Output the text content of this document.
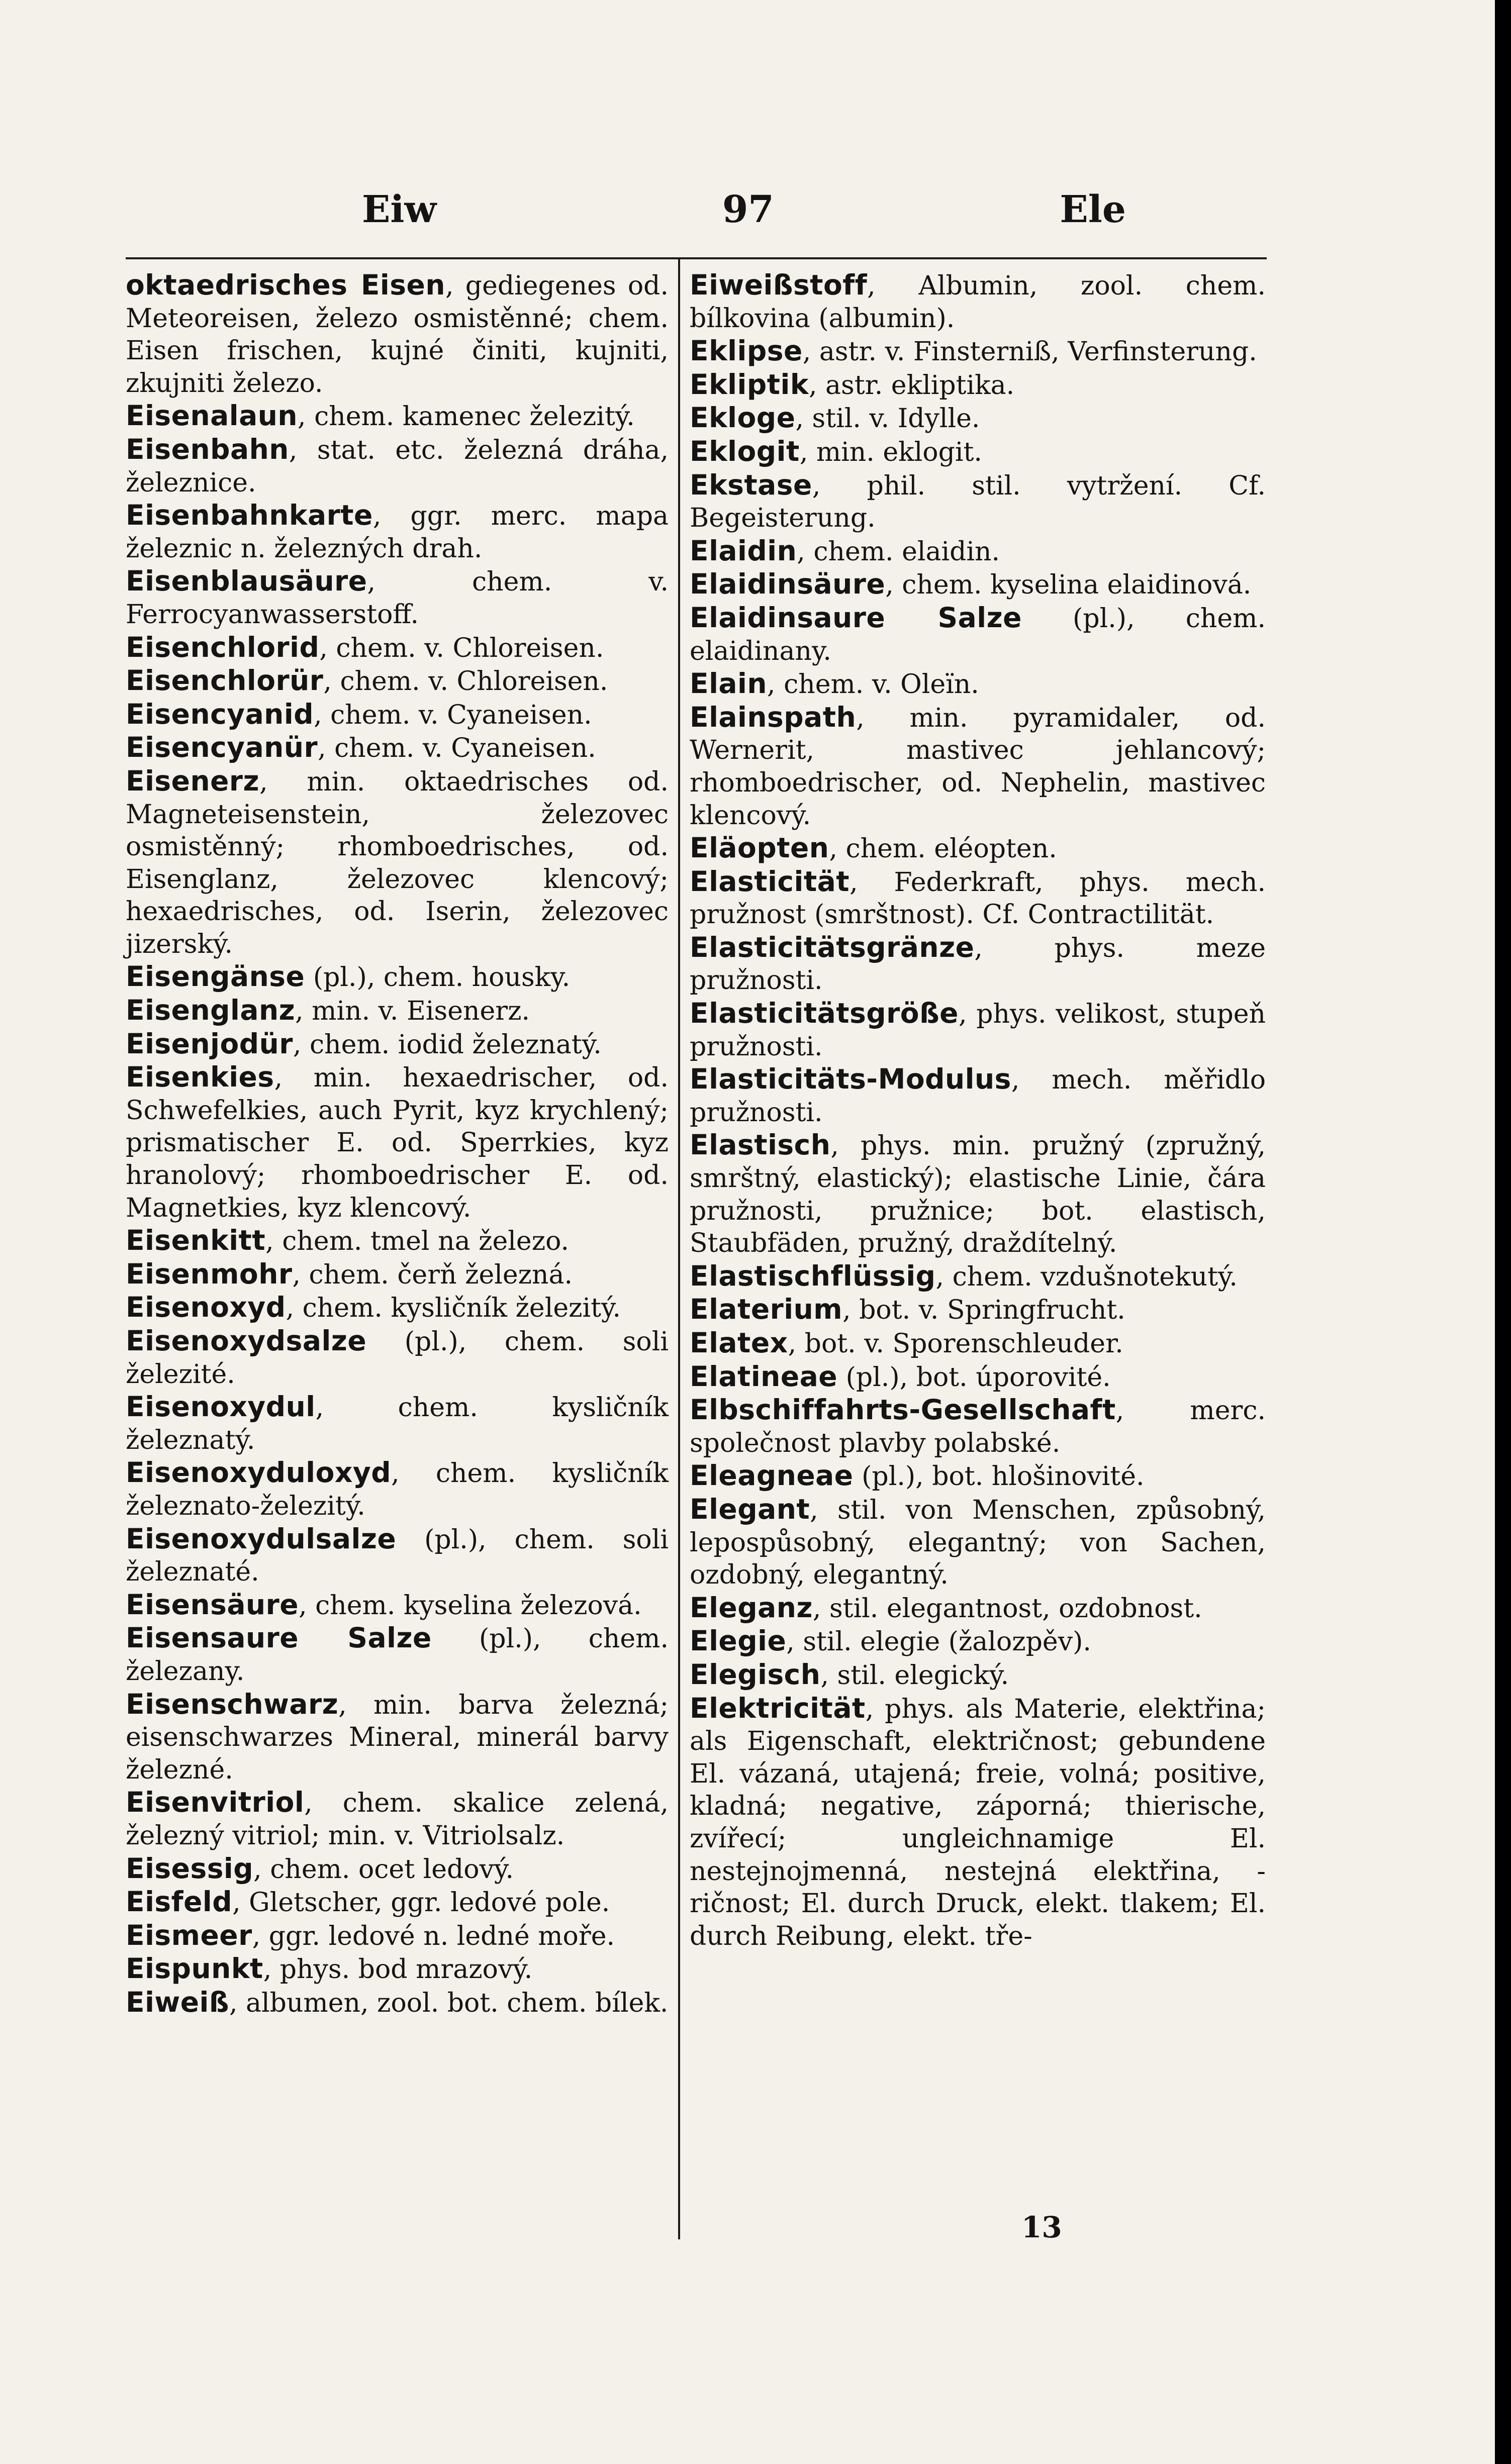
Eiw	97	Ele

oktaedrisches Eisen, gediegenes od. Meteoreisen, železo osmistěnné; chem. Eisen frischen, kujné činiti, kujniti, zkujniti železo.

Eisenalaun, chem. kamenec železitý.

Eisenbahn, stat. etc. železná dráha, železnice.

Eisenbahnkarte, ggr. merc. mapa železnic n. železných drah.

Eisenblausäure, chem. v. Ferrocyanwasserstoff.

Eisenchlorid, chem. v. Chloreisen.

Eisenchlorür, chem. v. Chloreisen.

Eisencyanid, chem. v. Cyaneisen.

Eisencyanür, chem. v. Cyaneisen.

Eisenerz, min. oktaedrisches od. Magneteisenstein, železovec osmistěnný; rhomboedrisches, od. Eisenglanz, železovec klencový; hexaedrisches, od. Iserin, železovec jizerský.

Eisengänse (pl.), chem. housky.

Eisenglanz, min. v. Eisenerz.

Eisenjodür, chem. iodid železnatý.

Eisenkies, min. hexaedrischer, od. Schwefelkies, auch Pyrit, kyz krychlený; prismatischer E. od. Sperrkies, kyz hranolový; rhomboedrischer E. od. Magnetkies, kyz klencový.

Eisenkitt, chem. tmel na železo.

Eisenmohr, chem. čerň železná.

Eisenoxyd, chem. kysličník železitý.

Eisenoxydsalze (pl.), chem. soli železité.

Eisenoxydul, chem. kysličník železnatý.

Eisenoxyduloxyd, chem. kysličník železnato-železitý.

Eisenoxydulsalze (pl.), chem. soli železnaté.

Eisensäure, chem. kyselina železová.

Eisensaure Salze (pl.), chem. železany.

Eisenschwarz, min. barva železná; eisenschwarzes Mineral, minerál barvy železné.

Eisenvitriol, chem. skalice zelená, železný vitriol; min. v. Vitriolsalz.

Eisessig, chem. ocet ledový.

Eisfeld, Gletscher, ggr. ledové pole.

Eismeer, ggr. ledové n. ledné moře.

Eispunkt, phys. bod mrazový.

Eiweiß, albumen, zool. bot. chem. bílek.

Eiweißstoff, Albumin, zool. chem. bílkovina (albumin).

Eklipse, astr. v. Finsterniß, Verfinsterung.

Ekliptik, astr. ekliptika.

Ekloge, stil. v. Idylle.

Eklogit, min. eklogit.

Ekstase, phil. stil. vytržení. Cf. Begeisterung.

Elaidin, chem. elaidin.

Elaidinsäure, chem. kyselina elaidinová.

Elaidinsaure Salze (pl.), chem. elaidinany.

Elain, chem. v. Oleïn.

Elainspath, min. pyramidaler, od. Wernerit, mastivec jehlancový; rhomboedrischer, od. Nephelin, mastivec klencový.

Eläopten, chem. eléopten.

Elasticität, Federkraft, phys. mech. pružnost (smrštnost). Cf. Contractilität.

Elasticitätsgränze, phys. meze pružnosti.

Elasticitätsgröße, phys. velikost, stupeň pružnosti.

Elasticitäts-Modulus, mech. měřidlo pružnosti.

Elastisch, phys. min. pružný (zpružný, smrštný, elastický); elastische Linie, čára pružnosti, pružnice; bot. elastisch, Staubfäden, pružný, draždítelný.

Elastischflüssig, chem. vzdušnotekutý.

Elaterium, bot. v. Springfrucht.

Elatex, bot. v. Sporenschleuder.

Elatineae (pl.), bot. úporovité.

Elbschiffahrts-Gesellschaft, merc. společnost plavby polabské.

Eleagneae (pl.), bot. hlošinovité.

Elegant, stil. von Menschen, způsobný, lepospůsobný, elegantný; von Sachen, ozdobný, elegantný.

Eleganz, stil. elegantnost, ozdobnost.

Elegie, stil. elegie (žalozpěv).

Elegisch, stil. elegický.

Elektricität, phys. als Materie, elektřina; als Eigenschaft, električnost; gebundene El. vázaná, utajená; freie, volná; positive, kladná; negative, záporná; thierische, zvířecí; ungleichnamige El. nestejnojmenná, nestejná elektřina, -ričnost; El. durch Druck, elekt. tlakem; El. durch Reibung, elekt. tře-

13
